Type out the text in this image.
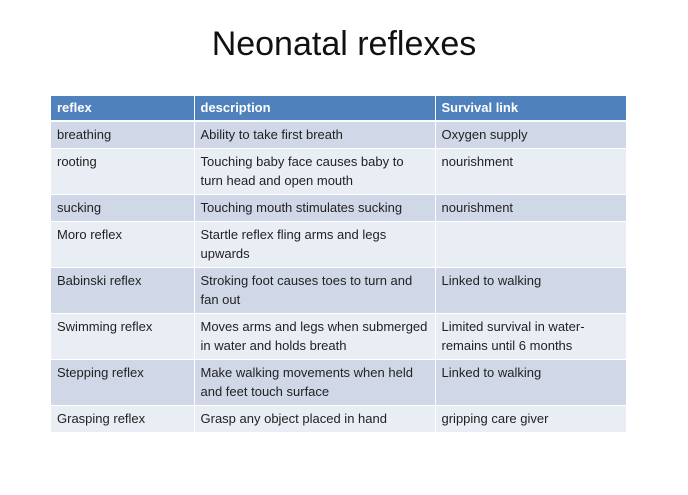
Neonatal reflexes
reflex	description	Survival link
breathing	Ability to take first breath	Oxygen supply
rooting	Touching baby face causes baby to turn head and open mouth	nourishment
sucking	Touching mouth stimulates sucking	nourishment
Moro reflex	Startle reflex fling arms and legs upwards	
Babinski reflex	Stroking foot causes toes to turn and fan out	Linked to walking
Swimming reflex	Moves arms and legs when submerged in water and holds breath	Limited survival in water- remains until 6 months
Stepping reflex	Make walking movements when held and feet touch surface	Linked to walking
Grasping reflex	Grasp any object placed in hand	gripping care giver
